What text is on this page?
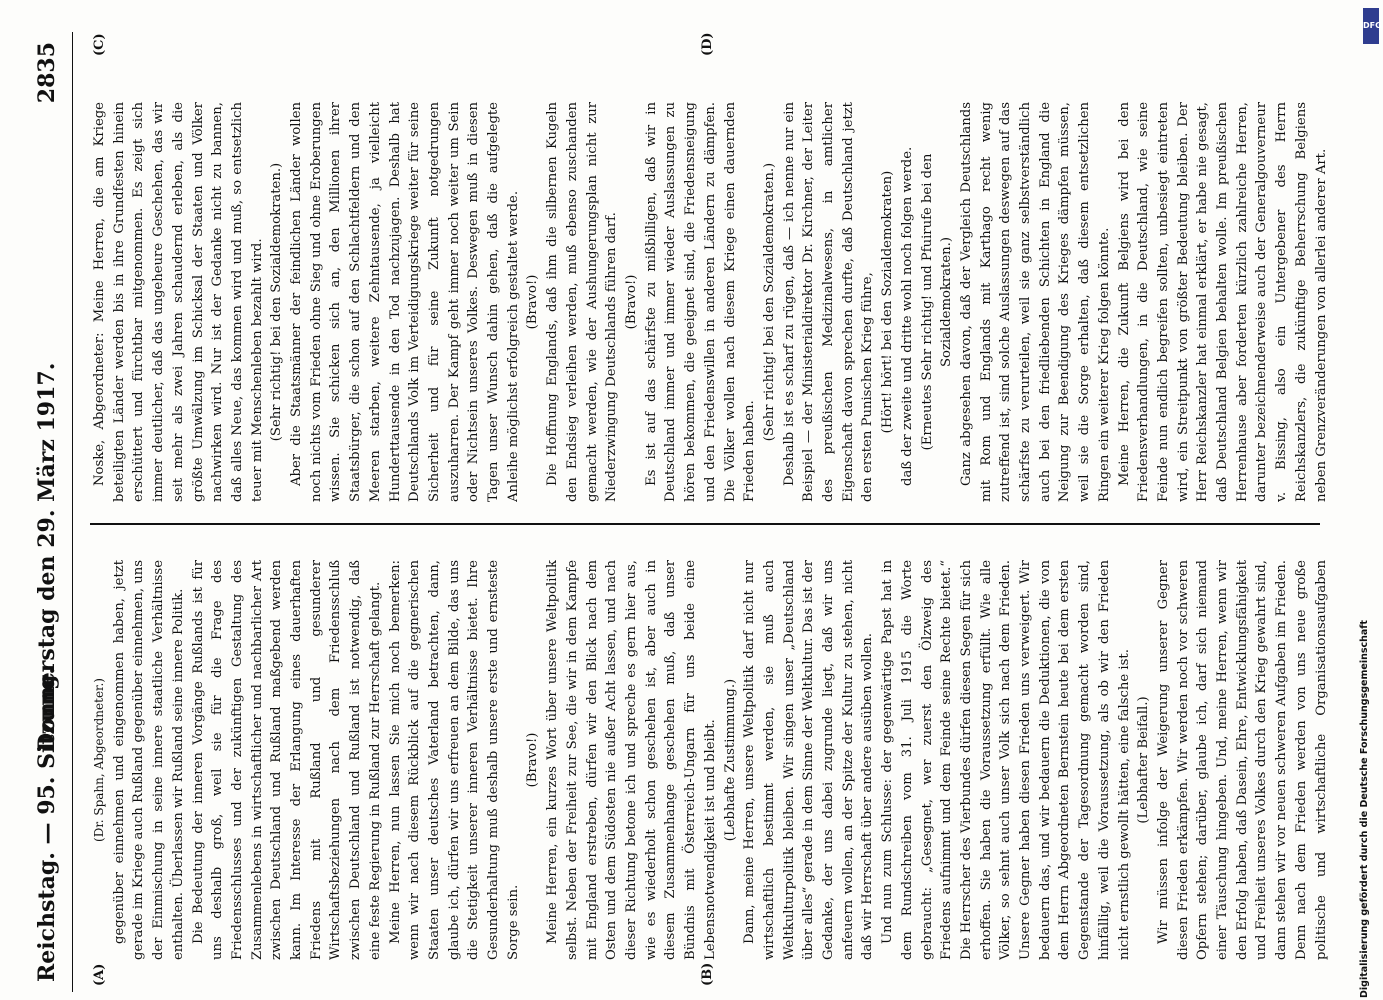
Reichstag. — 95. Sitzung.
Donnerstag den 29. März 1917.
2835
(A)	(B)
(C)	(D)

(Dr. Spahn, Abgeordneter.) gegenüber einnehmen und eingenommen haben, jetzt gerade im Kriege auch Rußland gegenüber einnehmen, uns der Einmischung in seine innere staatliche Verhältnisse enthalten. Überlassen wir Rußland seine innere Politik. Die Bedeutung der inneren Vorgänge Rußlands ist für uns deshalb groß, weil sie für die Frage des Friedensschlusses und der zukünftigen Gestaltung des Zusammenlebens in wirtschaftlicher und nachbarlicher Art zwischen Deutschland und Rußland maßgebend werden kann. Im Interesse der Erlangung eines dauerhaften Friedens mit Rußland und gesunderer Wirtschaftsbeziehungen nach dem Friedensschluß zwischen Deutschland und Rußland ist notwendig, daß eine feste Regierung in Rußland zur Herrschaft gelangt. Meine Herren, nun lassen Sie mich noch bemerken: wenn wir nach diesem Rückblick auf die gegnerischen Staaten unser deutsches Vaterland betrachten, dann, glaube ich, dürfen wir uns erfreuen an dem Bilde, das uns die Stetigkeit unserer inneren Verhältnisse bietet. Ihre Gesunderhaltung muß deshalb unsere erste und ernsteste Sorge sein.

(Bravo!) Meine Herren, ein kurzes Wort über unsere Weltpolitik selbst. Neben der Freiheit zur See, die wir in dem Kampfe mit England erstreben, dürfen wir den Blick nach dem Osten und dem Südosten nie außer Acht lassen, und nach dieser Richtung betone ich und spreche es gern hier aus, wie es wiederholt schon geschehen ist, aber auch in diesem Zusammenhange geschehen muß, daß unser Bündnis mit Österreich-Ungarn für uns beide eine Lebensnotwendigkeit ist und bleibt. (Lebhafte Zustimmung.) Dann, meine Herren, unsere Weltpolitik darf nicht nur wirtschaftlich bestimmt werden, sie muß auch Weltkulturpolitik bleiben. Wir singen unser „Deutschland über alles“ gerade in dem Sinne der Weltkultur. Das ist der Gedanke, der uns dabei zugrunde liegt, daß wir uns anfeuern wollen, an der Spitze der Kultur zu stehen, nicht daß wir Herrschaft über andere ausüben wollen. Und nun zum Schlusse: der gegenwärtige Papst hat in dem Rundschreiben vom 31. Juli 1915 die Worte gebraucht: „Gesegnet, wer zuerst den Ölzweig des Friedens aufnimmt und dem Feinde seine Rechte bietet.“ Die Herrscher des Vierbundes dürfen diesen Segen für sich erhoffen. Sie haben die Voraussetzung erfüllt. Wie alle Völker, so sehnt auch unser Volk sich nach dem Frieden. Unsere Gegner haben diesen Frieden uns verweigert. Wir bedauern das, und wir bedauern die Deduktionen, die von dem Herrn Abgeordneten Bernstein heute bei dem ersten Gegenstande der Tagesordnung gemacht worden sind, hinfällig, weil die Voraussetzung, als ob wir den Frieden nicht ernstlich gewollt hätten, eine falsche ist. (Lebhafter Beifall.)

Wir müssen infolge der Weigerung unserer Gegner diesen Frieden erkämpfen. Wir werden noch vor schweren Opfern stehen; darüber, glaube ich, darf sich niemand einer Täuschung hingeben. Und, meine Herren, wenn wir den Erfolg haben, daß Dasein, Ehre, Entwicklungsfähigkeit und Freiheit unseres Volkes durch den Krieg gewahrt sind, dann stehen wir vor neuen schweren Aufgaben im Frieden. Denn nach dem Frieden werden von uns neue große politische und wirtschaftliche Organisationsaufgaben

Noske, Abgeordneter: Meine Herren, die am Kriege beteiligten Länder werden bis in ihre Grundfesten hinein erschüttert und fürchtbar mitgenommen. Es zeigt sich immer deutlicher, daß das ungeheure Geschehen, das wir seit mehr als zwei Jahren schaudernd erleben, als die größte Umwälzung im Schicksal der Staaten und Völker nachwirken wird. Nur ist der Gedanke nicht zu bannen, daß alles Neue, das kommen wird und muß, so entsetzlich teuer mit Menschenleben bezahlt wird. (Sehr richtig! bei den Sozialdemokraten.) Aber die Staatsmänner der feindlichen Länder wollen noch nichts vom Frieden ohne Sieg und ohne Eroberungen wissen. Sie schicken sich an, den Millionen ihrer Staatsbürger, die schon auf den Schlachtfeldern und den Meeren starben, weitere Zehntausende, ja vielleicht Hunderttausende in den Tod nachzujagen. Deshalb hat Deutschlands Volk im Verteidigungskriege weiter für seine Sicherheit und für seine Zukunft notgedrungen auszuharren. Der Kampf geht immer noch weiter um Sein oder Nichtsein unseres Volkes. Deswegen muß in diesen Tagen unser Wunsch dahin gehen, daß die aufgelegte Anleihe möglichst erfolgreich gestaltet werde. (Bravo!) Die Hoffnung Englands, daß ihm die silbernen Kugeln den Endsieg verleihen werden, muß ebenso zuschanden gemacht werden, wie der Aushungerungsplan nicht zur Niederzwingung Deutschlands führen darf. (Bravo!) Es ist auf das schärfste zu mißbilligen, daß wir in Deutschland immer und immer wieder Auslassungen zu hören bekommen, die geeignet sind, die Friedensneigung und den Friedenswillen in anderen Ländern zu dämpfen. Die Völker wollen nach diesem Kriege einen dauernden Frieden haben.

(Sehr richtig! bei den Sozialdemokraten.) Deshalb ist es scharf zu rügen, daß — ich nenne nur ein Beispiel — der Ministerialdirektor Dr. Kirchner, der Leiter des preußischen Medizinalwesens, in amtlicher Eigenschaft davon sprechen durfte, daß Deutschland jetzt den ersten Punischen Krieg führe, (Hört! hört! bei den Sozialdemokraten) daß der zweite und dritte wohl noch folgen werde. (Erneutes Sehr richtig! und Pfuirufe bei den Sozialdemokraten.) Ganz abgesehen davon, daß der Vergleich Deutschlands mit Rom und Englands mit Karthago recht wenig zutreffend ist, sind solche Auslassungen deswegen auf das schärfste zu verurteilen, weil sie ganz selbstverständlich auch bei den friedliebenden Schichten in England die Neigung zur Beendigung des Krieges dämpfen müssen, weil sie die Sorge erhalten, daß diesem entsetzlichen Ringen ein weiterer Krieg folgen könnte. Meine Herren, die Zukunft Belgiens wird bei den Friedensverhandlungen, in die Deutschland, wie seine Feinde nun endlich begreifen sollten, unbesiegt eintreten wird, ein Streitpunkt von größter Bedeutung bleiben. Der Herr Reichskanzler hat einmal erklärt, er habe nie gesagt, daß Deutschland Belgien behalten wolle. Im preußischen Herrenhause aber forderten kürzlich zahlreiche Herren, darunter bezeichnenderweise auch der Generalgouverneur v. Bissing, also ein Untergebener des Herrn Reichskanzlers, die zukünftige Beherrschung Belgiens neben Grenzveränderungen von allerlei anderer Art.

DFG
Digitalisierung gefördert durch die Deutsche Forschungsgemeinschaft
